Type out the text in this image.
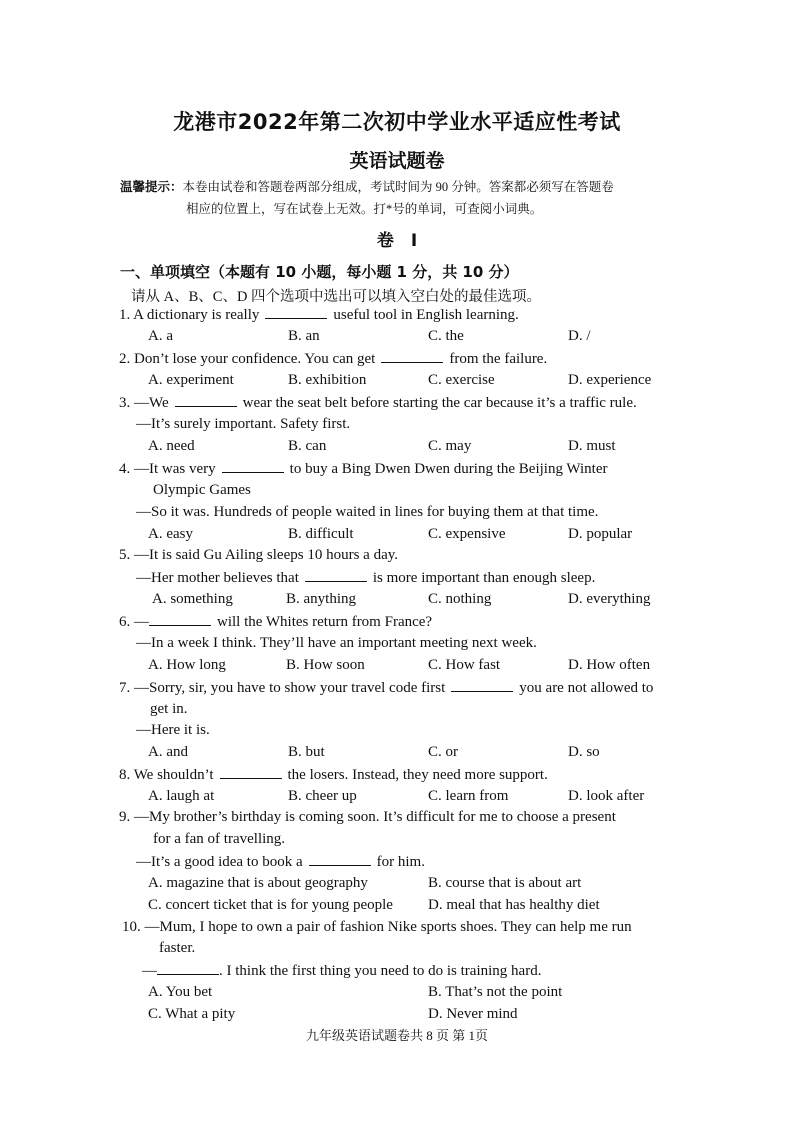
龙港市2022年第二次初中学业水平适应性考试
英语试题卷
温馨提示：本卷由试卷和答题卷两部分组成，考试时间为 90 分钟。答案都必须写在答题卷
相应的位置上，写在试卷上无效。打*号的单词，可查阅小词典。
卷　Ⅰ
一、单项填空（本题有 10 小题，每小题 1 分，共 10 分）
请从 A、B、C、D 四个选项中选出可以填入空白处的最佳选项。
1. A dictionary is really	useful tool in English learning.
A. a	B. an	C. the	D. /
2. Don’t lose your confidence. You can get	from the failure.
A. experiment	B. exhibition	C. exercise	D. experience
3. —We	wear the seat belt before starting the car because it’s a traffic rule.
—It’s surely important. Safety first.
A. need	B. can	C. may	D. must
4. —It was very	to buy a Bing Dwen Dwen during the Beijing Winter
Olympic Games
—So it was. Hundreds of people waited in lines for buying them at that time.
A. easy	B. difficult	C. expensive	D. popular
5. —It is said Gu Ailing sleeps 10 hours a day.
—Her mother believes that	is more important than enough sleep.
A. something	B. anything	C. nothing	D. everything
6. —	will the Whites return from France?
—In a week I think. They’ll have an important meeting next week.
A. How long	B. How soon	C. How fast	D. How often
7. —Sorry, sir, you have to show your travel code first	you are not allowed to
get in.
—Here it is.
A. and	B. but	C. or	D. so
8. We shouldn’t	the losers. Instead, they need more support.
A. laugh at	B. cheer up	C. learn from	D. look after
9. —My brother’s birthday is coming soon. It’s difficult for me to choose a present
for a fan of travelling.
—It’s a good idea to book a	for him.
A. magazine that is about geography	B. course that is about art
C. concert ticket that is for young people D. meal that has healthy diet
10. —Mum, I hope to own a pair of fashion Nike sports shoes. They can help me run
faster.
—	. I think the first thing you need to do is training hard.
A. You bet	B. That’s not the point
C. What a pity	D. Never mind
九年级英语试题卷共 8 页 第 1页
